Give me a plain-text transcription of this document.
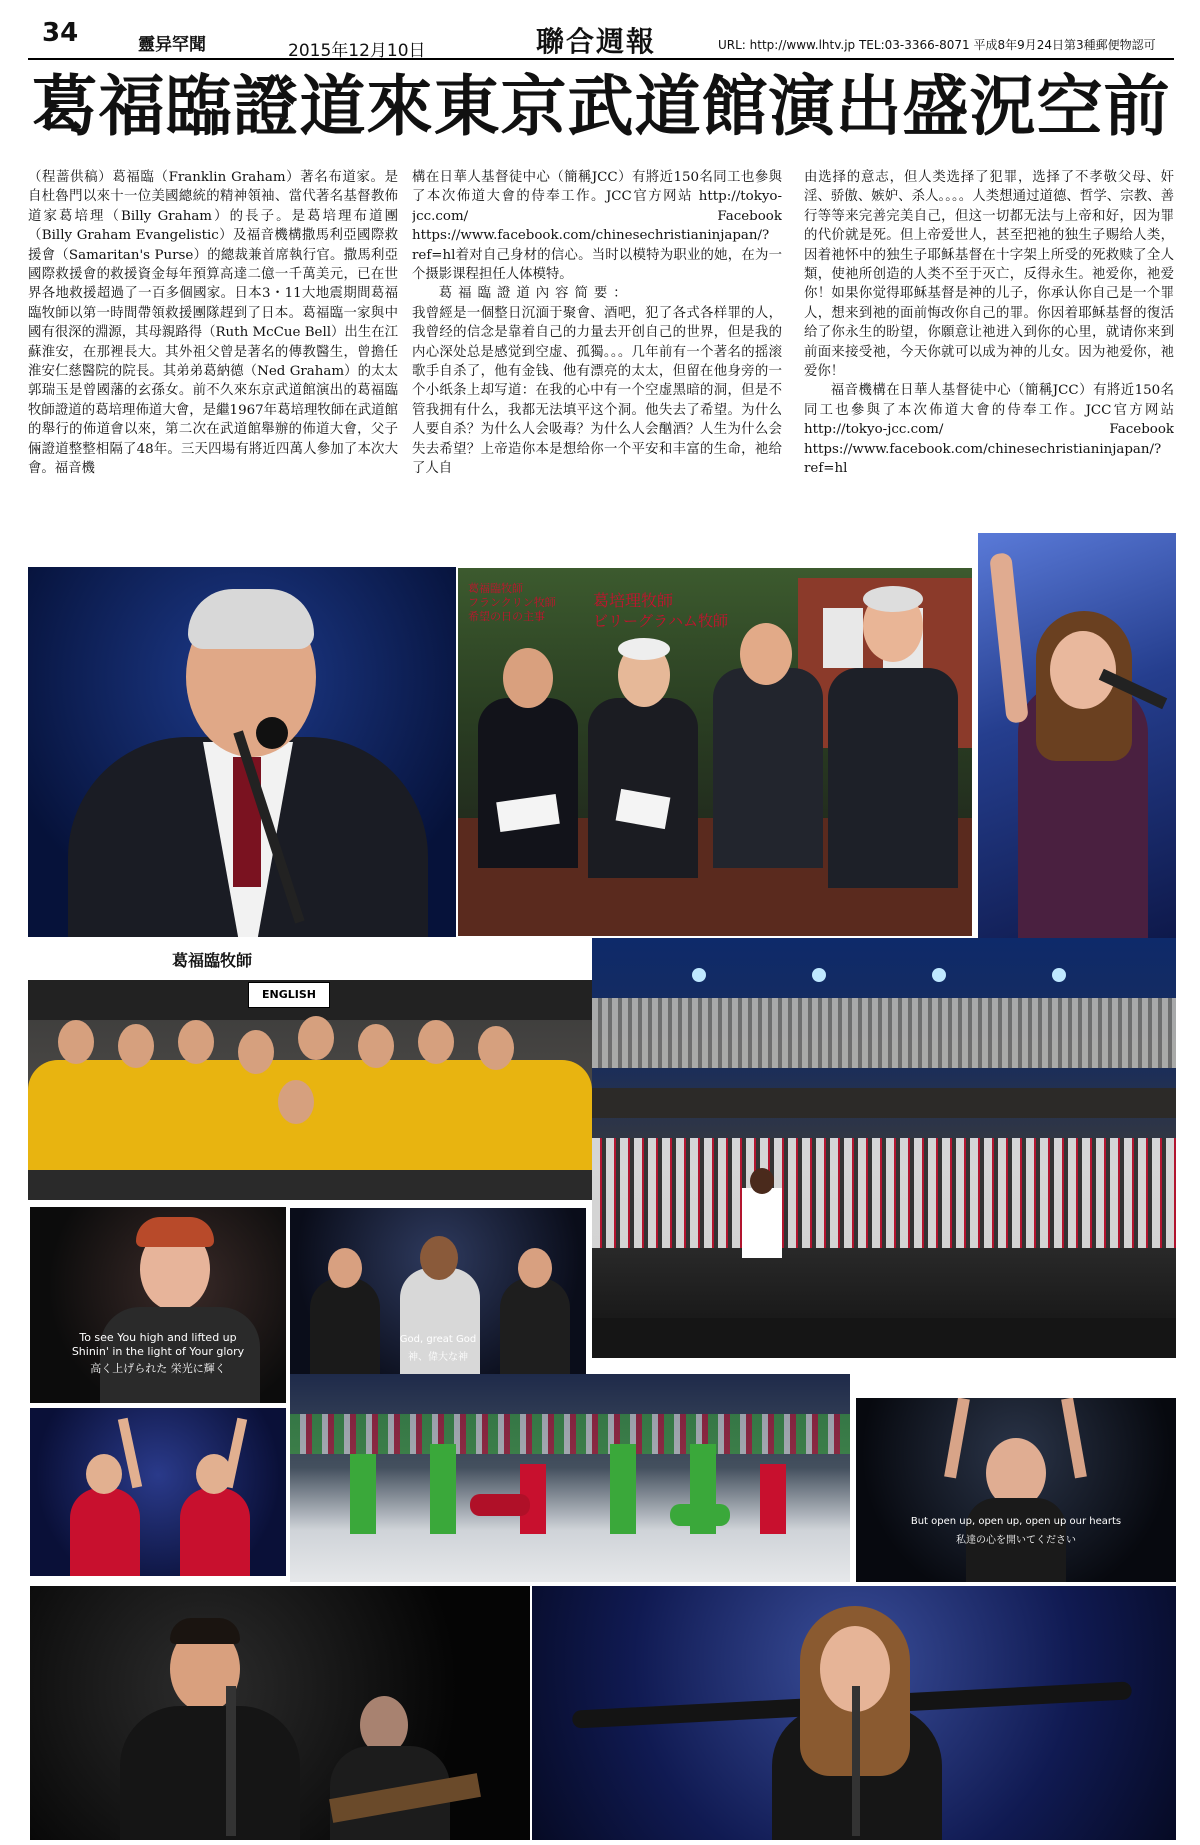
34	靈异罕聞	2015年12月10日	聯合週報	URL: http://www.lhtv.jp TEL:03-3366-8071 平成8年9月24日第3種郵便物認可
葛福臨證道來東京武道館演出盛況空前

（程蔷供稿）葛福臨（Franklin Graham）著名布道家。是自杜魯門以來十一位美國總統的精神領袖、當代著名基督教佈道家葛培理（Billy Graham）的長子。是葛培理布道團（Billy Graham Evangelistic）及福音機構撒馬利亞國際救援會（Samaritan's Purse）的總裁兼首席執行官。撒馬利亞國際救援會的救援資金每年預算高達二億一千萬美元，已在世界各地救援超過了一百多個國家。日本3・11大地震期間葛福臨牧師以第一時間帶領救援團隊趕到了日本。葛福臨一家與中國有很深的淵源，其母親路得（Ruth McCue Bell）出生在江蘇淮安，在那裡長大。其外祖父曾是著名的傳教醫生，曾擔任淮安仁慈醫院的院長。其弟弟葛納德（Ned Graham）的太太郭瑞玉是曾國藩的玄孫女。前不久來东京武道館演出的葛福臨牧師證道的葛培理佈道大會，是繼1967年葛培理牧師在武道館的舉行的佈道會以來，第二次在武道館舉辦的佈道大會，父子倆證道整整相隔了48年。三天四場有將近四萬人參加了本次大會。福音機

構在日華人基督徒中心（簡稱JCC）有將近150名同工也參與了本次佈道大會的侍奉工作。JCC官方网站 http://tokyo-jcc.com/ Facebook https://www.facebook.com/chinesechristianinjapan/?ref=hl着对自己身材的信心。当时以模特为职业的她，在为一个摄影课程担任人体模特。

葛福臨證道內容简要：

我曾經是一個整日沉湎于聚會、酒吧，犯了各式各样罪的人，我曾经的信念是靠着自己的力量去开创自己的世界，但是我的内心深处总是感觉到空虚、孤獨。。。几年前有一个著名的摇滚歌手自杀了，他有金钱、他有漂亮的太太，但留在他身旁的一个小纸条上却写道：在我的心中有一个空虚黑暗的洞，但是不管我拥有什么，我都无法填平这个洞。他失去了希望。为什么人要自杀？为什么人会吸毒？为什么人会酗酒？人生为什么会失去希望？上帝造你本是想给你一个平安和丰富的生命，祂给了人自

由选择的意志，但人类选择了犯罪，选择了不孝敬父母、奸淫、骄傲、嫉妒、杀人。。。。人类想通过道德、哲学、宗教、善行等等来完善完美自己，但这一切都无法与上帝和好，因为罪的代价就是死。但上帝爱世人，甚至把祂的独生子赐给人类，因着祂怀中的独生子耶稣基督在十字架上所受的死救赎了全人類，使祂所创造的人类不至于灭亡，反得永生。祂爱你，祂爱你！如果你觉得耶稣基督是神的儿子，你承认你自己是一个罪人，想来到祂的面前悔改你自己的罪。你因着耶稣基督的復活给了你永生的盼望，你願意让祂进入到你的心里，就请你来到前面来接受祂，今天你就可以成为神的儿女。因为祂爱你，祂爱你！

福音機構在日華人基督徒中心（簡稱JCC）有將近150名同工也參與了本次佈道大會的侍奉工作。JCC官方网站 http://tokyo-jcc.com/ Facebook https://www.facebook.com/chinesechristianinjapan/?ref=hl

葛福臨牧師
葛福臨牧師
フランクリン牧師
希望の日の主事
葛培理牧師
ビリーグラハム牧師
ENGLISH
To see You high and lifted up
Shinin' in the light of Your glory
高く上げられた 栄光に輝く
God, great God
神、偉大な神
But open up, open up, open up our hearts
私達の心を開いてください
